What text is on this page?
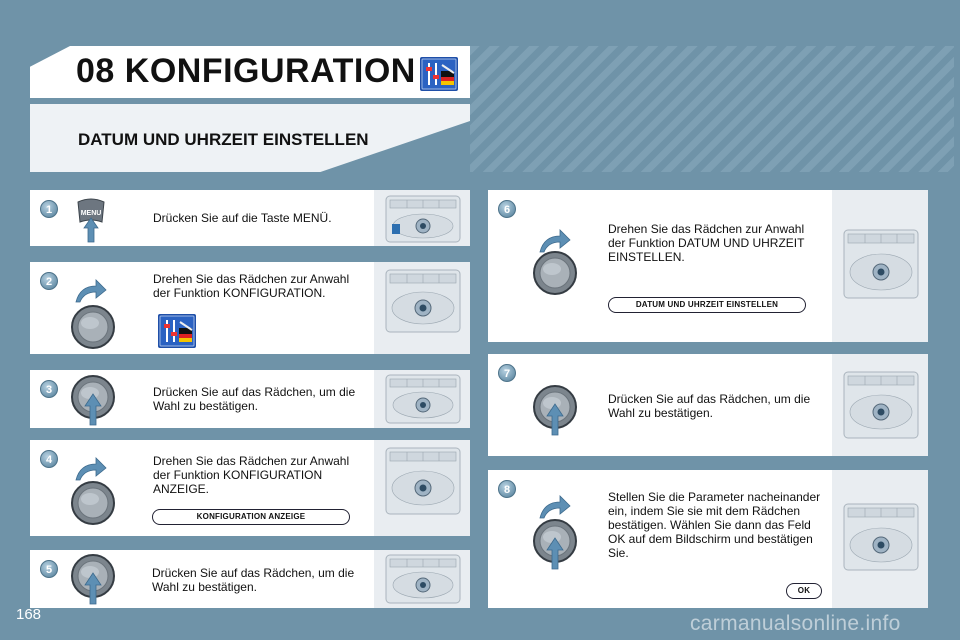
08 KONFIGURATION
DATUM UND UHRZEIT EINSTELLEN
1	MENU	Drücken Sie auf die Taste MENÜ.
2	Drehen Sie das Rädchen zur Anwahl der Funktion KONFIGURATION.
3	Drücken Sie auf das Rädchen, um die Wahl zu bestätigen.
4	Drehen Sie das Rädchen zur Anwahl der Funktion KONFIGURATION ANZEIGE.
KONFIGURATION ANZEIGE
5	Drücken Sie auf das Rädchen, um die Wahl zu bestätigen.
6
Drehen Sie das Rädchen zur Anwahl der Funktion DATUM UND UHRZEIT EINSTELLEN.
DATUM UND UHRZEIT EINSTELLEN
7
Drücken Sie auf das Rädchen, um die Wahl zu bestätigen.
8	Stellen Sie die Parameter nacheinander ein, indem Sie sie mit dem Rädchen bestätigen. Wählen Sie dann das Feld OK auf dem Bildschirm und bestätigen Sie.
OK
168	carmanualsonline.info
